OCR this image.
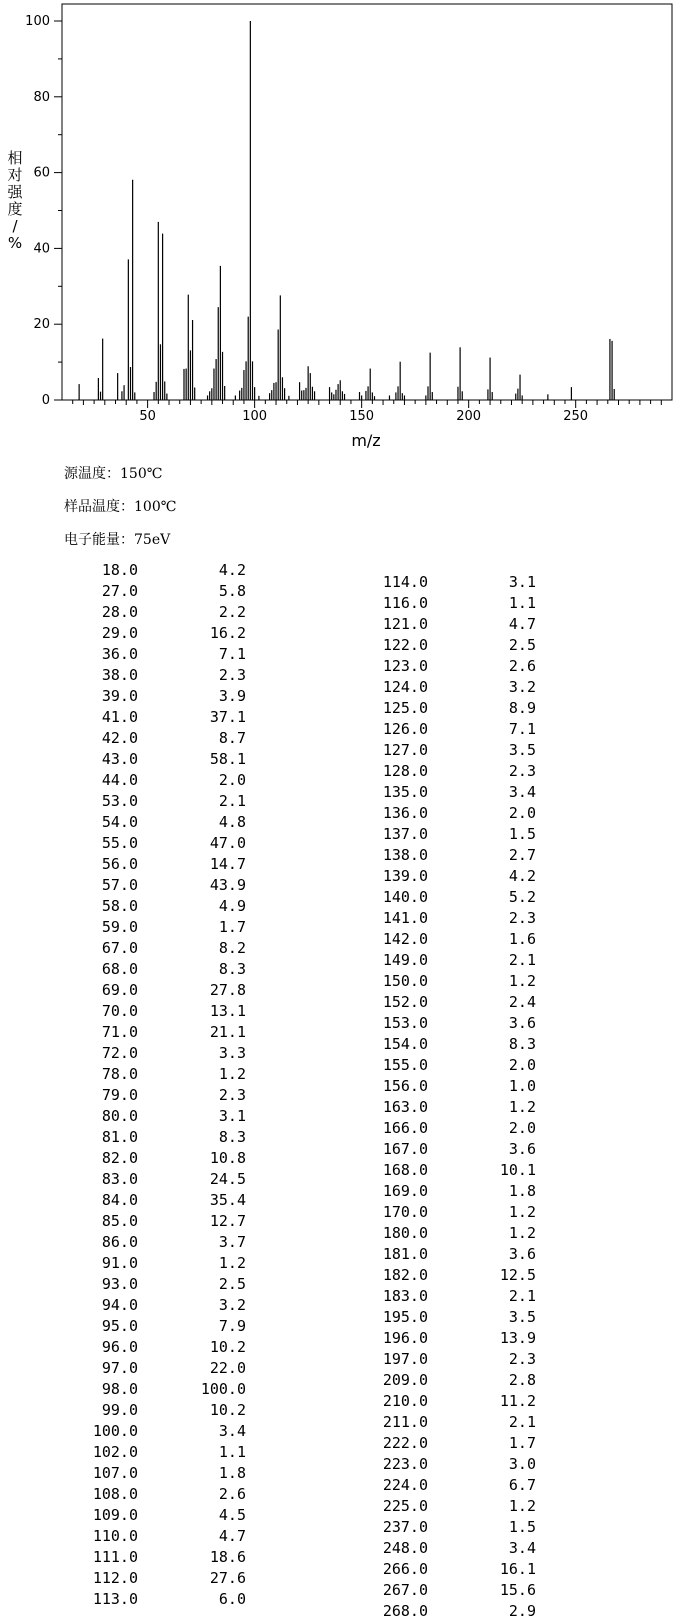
50	100	150	200	250
0
20
40
60
80
100
m/z
相
对
强
度
/
%
源温度：150℃
样品温度：100℃
电子能量：75eV
18.0	4.2
27.0	5.8
28.0	2.2
29.0	16.2
36.0	7.1
38.0	2.3
39.0	3.9
41.0	37.1
42.0	8.7
43.0	58.1
44.0	2.0
53.0	2.1
54.0	4.8
55.0	47.0
56.0	14.7
57.0	43.9
58.0	4.9
59.0	1.7
67.0	8.2
68.0	8.3
69.0	27.8
70.0	13.1
71.0	21.1
72.0	3.3
78.0	1.2
79.0	2.3
80.0	3.1
81.0	8.3
82.0	10.8
83.0	24.5
84.0	35.4
85.0	12.7
86.0	3.7
91.0	1.2
93.0	2.5
94.0	3.2
95.0	7.9
96.0	10.2
97.0	22.0
98.0	100.0
99.0	10.2
100.0	3.4
102.0	1.1
107.0	1.8
108.0	2.6
109.0	4.5
110.0	4.7
111.0	18.6
112.0	27.6
113.0	6.0
114.0	3.1
116.0	1.1
121.0	4.7
122.0	2.5
123.0	2.6
124.0	3.2
125.0	8.9
126.0	7.1
127.0	3.5
128.0	2.3
135.0	3.4
136.0	2.0
137.0	1.5
138.0	2.7
139.0	4.2
140.0	5.2
141.0	2.3
142.0	1.6
149.0	2.1
150.0	1.2
152.0	2.4
153.0	3.6
154.0	8.3
155.0	2.0
156.0	1.0
163.0	1.2
166.0	2.0
167.0	3.6
168.0	10.1
169.0	1.8
170.0	1.2
180.0	1.2
181.0	3.6
182.0	12.5
183.0	2.1
195.0	3.5
196.0	13.9
197.0	2.3
209.0	2.8
210.0	11.2
211.0	2.1
222.0	1.7
223.0	3.0
224.0	6.7
225.0	1.2
237.0	1.5
248.0	3.4
266.0	16.1
267.0	15.6
268.0	2.9
